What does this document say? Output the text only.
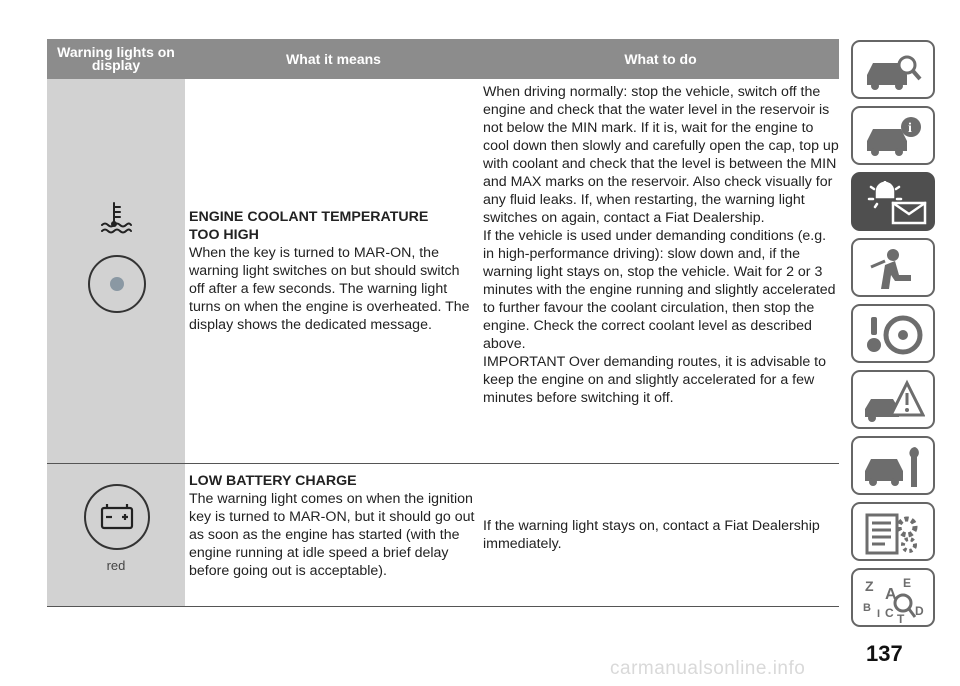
Warning lights on
display	What it means	What to do
ENGINE COOLANT TEMPERATURE
TOO HIGH
When the key is turned to MAR-ON, the warning light switches on but should switch off after a few seconds. The warning light turns on when the engine is overheated. The display shows the dedicated message.
When driving normally: stop the vehicle, switch off the engine and check that the water level in the reservoir is not below the MIN mark. If it is, wait for the engine to cool down then slowly and carefully open the cap, top up with coolant and check that the level is between the MIN and MAX marks on the reservoir. Also check visually for any fluid leaks. If, when restarting, the warning light switches on again, contact a Fiat Dealership.
If the vehicle is used under demanding conditions (e.g. in high-performance driving): slow down and, if the warning light stays on, stop the vehicle. Wait for 2 or 3 minutes with the engine running and slightly accelerated to further favour the coolant circulation, then stop the engine. Check the correct coolant level as described above.
IMPORTANT Over demanding routes, it is advisable to keep the engine on and slightly accelerated for a few minutes before switching it off.
red
LOW BATTERY CHARGE
The warning light comes on when the ignition key is turned to MAR-ON, but it should go out as soon as the engine has started (with the engine running at idle speed a brief delay before going out is acceptable).
If the warning light stays on, contact a Fiat Dealership immediately.
i
Z E
A
B I C T
D
137
carmanualsonline.info
